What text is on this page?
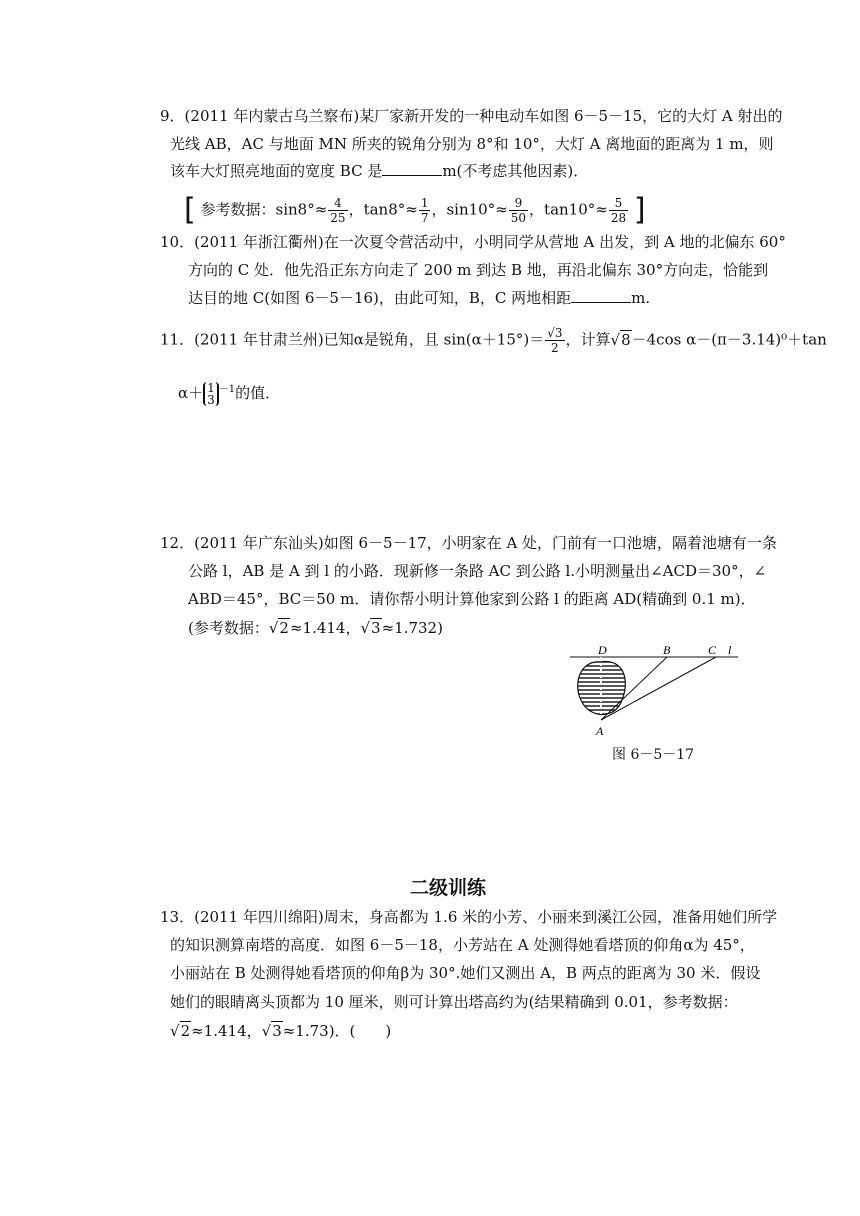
9．(2011 年内蒙古乌兰察布)某厂家新开发的一种电动车如图 6－5－15，它的大灯 A 射出的
光线 AB，AC 与地面 MN 所夹的锐角分别为 8°和 10°，大灯 A 离地面的距离为 1 m，则
该车大灯照亮地面的宽度 BC 是	m(不考虑其他因素)．
[ 参考数据：$\sin 8^\circ\approx \frac{4}{25}$ ，$\tan 8^\circ\approx \frac{1}{7}$ ，$\sin 10^\circ\approx \frac{9}{50}$ ，$\tan 10^\circ\approx \frac{5}{28}$ ]
10．(2011 年浙江衢州)在一次夏令营活动中，小明同学从营地 A 出发，到 A 地的北偏东 60°
方向的 C 处．他先沿正东方向走了 200 m 到达 B 地，再沿北偏东 30°方向走，恰能到
达目的地 C(如图 6－5－16)，由此可知，B，C 两地相距	m.
11．(2011 年甘肃兰州)已知α是锐角，且 $\sin(\alpha+15^\circ)= \frac{√3}{2}$ ，计算√8－4cos α－(π－3.14)⁰＋tan
α＋ 1
3
$^{-1}$的值．
12．(2011 年广东汕头)如图 6－5－17，小明家在 A 处，门前有一口池塘，隔着池塘有一条
公路 l，AB 是 A 到 l 的小路．现新修一条路 AC 到公路 l.小明测量出∠ACD＝30°，∠
ABD＝45°，BC＝50 m．请你帮小明计算他家到公路 l 的距离 AD(精确到 0.1 m)．
(参考数据：√2≈1.414，√3≈1.732)
D	B	C l
A
图 6－5－17
二级训练
13．(2011 年四川绵阳)周末，身高都为 1.6 米的小芳、小丽来到溪江公园，准备用她们所学
的知识测算南塔的高度．如图 6－5－18，小芳站在 A 处测得她看塔顶的仰角α为 45°，
小丽站在 B 处测得她看塔顶的仰角β为 30°.她们又测出 A，B 两点的距离为 30 米．假设
她们的眼睛离头顶都为 10 厘米，则可计算出塔高约为(结果精确到 0.01，参考数据：
√2≈1.414，√3≈1.73)．(　　)
